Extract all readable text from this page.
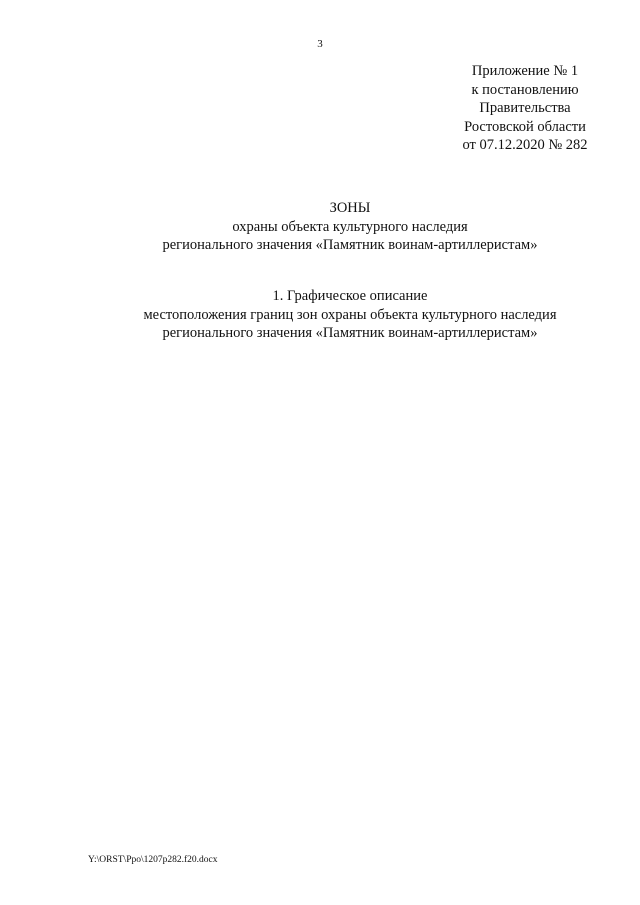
3
Приложение № 1
к постановлению
Правительства
Ростовской области
от 07.12.2020 № 282
ЗОНЫ
охраны объекта культурного наследия
регионального значения «Памятник воинам-артиллеристам»
1. Графическое описание
местоположения границ зон охраны объекта культурного наследия
регионального значения «Памятник воинам-артиллеристам»
Y:\ORST\Ppo\1207p282.f20.docx
